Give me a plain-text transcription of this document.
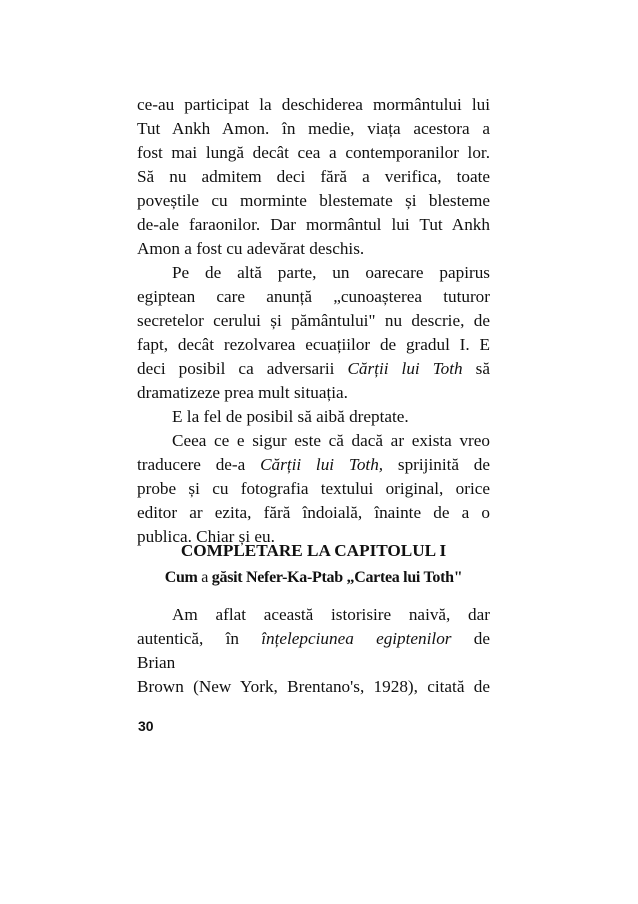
ce-au participat la deschiderea mormântului lui
Tut Ankh Amon. în medie, viața acestora a
fost mai lungă decât cea a contemporanilor lor.
Să nu admitem deci fără a verifica, toate
poveștile cu morminte blestemate și blesteme
de-ale faraonilor. Dar mormântul lui Tut Ankh
Amon a fost cu adevărat deschis.
Pe de altă parte, un oarecare papirus
egiptean care anunță „cunoașterea tuturor
secretelor cerului și pământului" nu descrie, de
fapt, decât rezolvarea ecuațiilor de gradul I. E
deci posibil ca adversarii Cărții lui Toth să
dramatizeze prea mult situația.
E la fel de posibil să aibă dreptate.
Ceea ce e sigur este că dacă ar exista vreo
traducere de-a Cărții lui Toth, sprijinită de
probe și cu fotografia textului original, orice
editor ar ezita, fără îndoială, înainte de a o
publica. Chiar și eu.
COMPLETARE LA CAPITOLUL I
Cum a găsit Nefer-Ka-Ptab „Cartea lui Toth"
Am aflat această istorisire naivă, dar
autentică, în înțelepciunea egiptenilor de
Brian
Brown (New York, Brentano's, 1928), citată de
30
